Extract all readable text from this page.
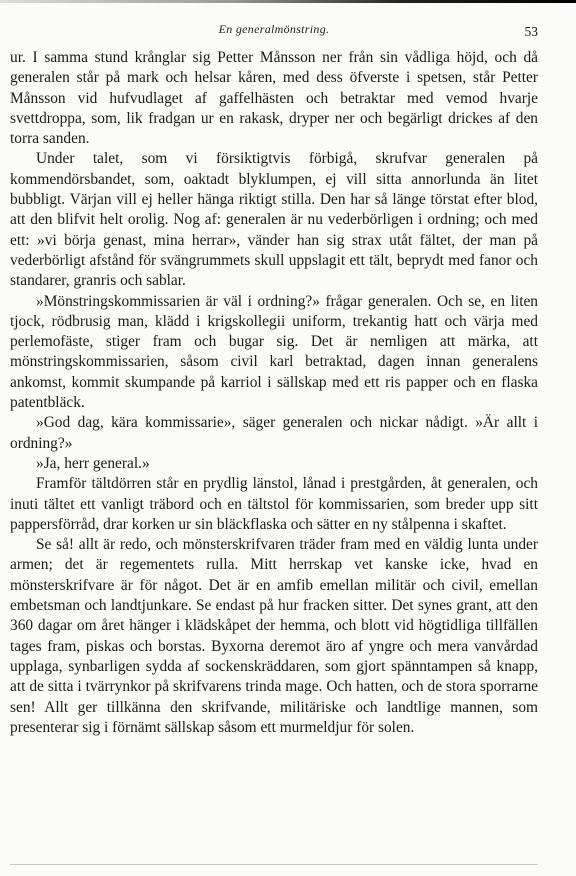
En generalmönstring.	53

ur. I samma stund krånglar sig Petter Månsson ner från sin vådliga höjd, och då generalen står på mark och helsar kåren, med dess öfverste i spetsen, står Petter Månsson vid hufvudlaget af gaffelhästen och betraktar med vemod hvarje svettdroppa, som, lik fradgan ur en rakask, dryper ner och begärligt drickes af den torra sanden.

Under talet, som vi försiktigtvis förbigå, skrufvar generalen på kommendörsbandet, som, oaktadt blyklumpen, ej vill sitta annorlunda än litet bubbligt. Värjan vill ej heller hänga riktigt stilla. Den har så länge törstat efter blod, att den blifvit helt orolig. Nog af: generalen är nu vederbörligen i ordning; och med ett: »vi börja genast, mina herrar», vänder han sig strax utåt fältet, der man på vederbörligt afstånd för svängrummets skull uppslagit ett tält, beprydt med fanor och standarer, granris och sablar.

»Mönstringskommissarien är väl i ordning?» frågar generalen. Och se, en liten tjock, rödbrusig man, klädd i krigskollegii uniform, trekantig hatt och värja med perlemofäste, stiger fram och bugar sig. Det är nemligen att märka, att mönstringskommissarien, såsom civil karl betraktad, dagen innan generalens ankomst, kommit skumpande på karriol i sällskap med ett ris papper och en flaska patentbläck.

»God dag, kära kommissarie», säger generalen och nickar nådigt. »Är allt i ordning?»

»Ja, herr general.»

Framför tältdörren står en prydlig länstol, lånad i prestgården, åt generalen, och inuti tältet ett vanligt träbord och en tältstol för kommissarien, som breder upp sitt pappersförråd, drar korken ur sin bläckflaska och sätter en ny stålpenna i skaftet.

Se så! allt är redo, och mönsterskrifvaren träder fram med en väldig lunta under armen; det är regementets rulla. Mitt herrskap vet kanske icke, hvad en mönsterskrifvare är för något. Det är en amfib emellan militär och civil, emellan embetsman och landtjunkare. Se endast på hur fracken sitter. Det synes grant, att den 360 dagar om året hänger i klädskåpet der hemma, och blott vid högtidliga tillfällen tages fram, piskas och borstas. Byxorna deremot äro af yngre och mera vanvårdad upplaga, synbarligen sydda af sockenskräddaren, som gjort spänntampen så knapp, att de sitta i tvärrynkor på skrifvarens trinda mage. Och hatten, och de stora sporrarne sen! Allt ger tillkänna den skrifvande, militäriske och landtlige mannen, som presenterar sig i förnämt sällskap såsom ett murmeldjur för solen.
